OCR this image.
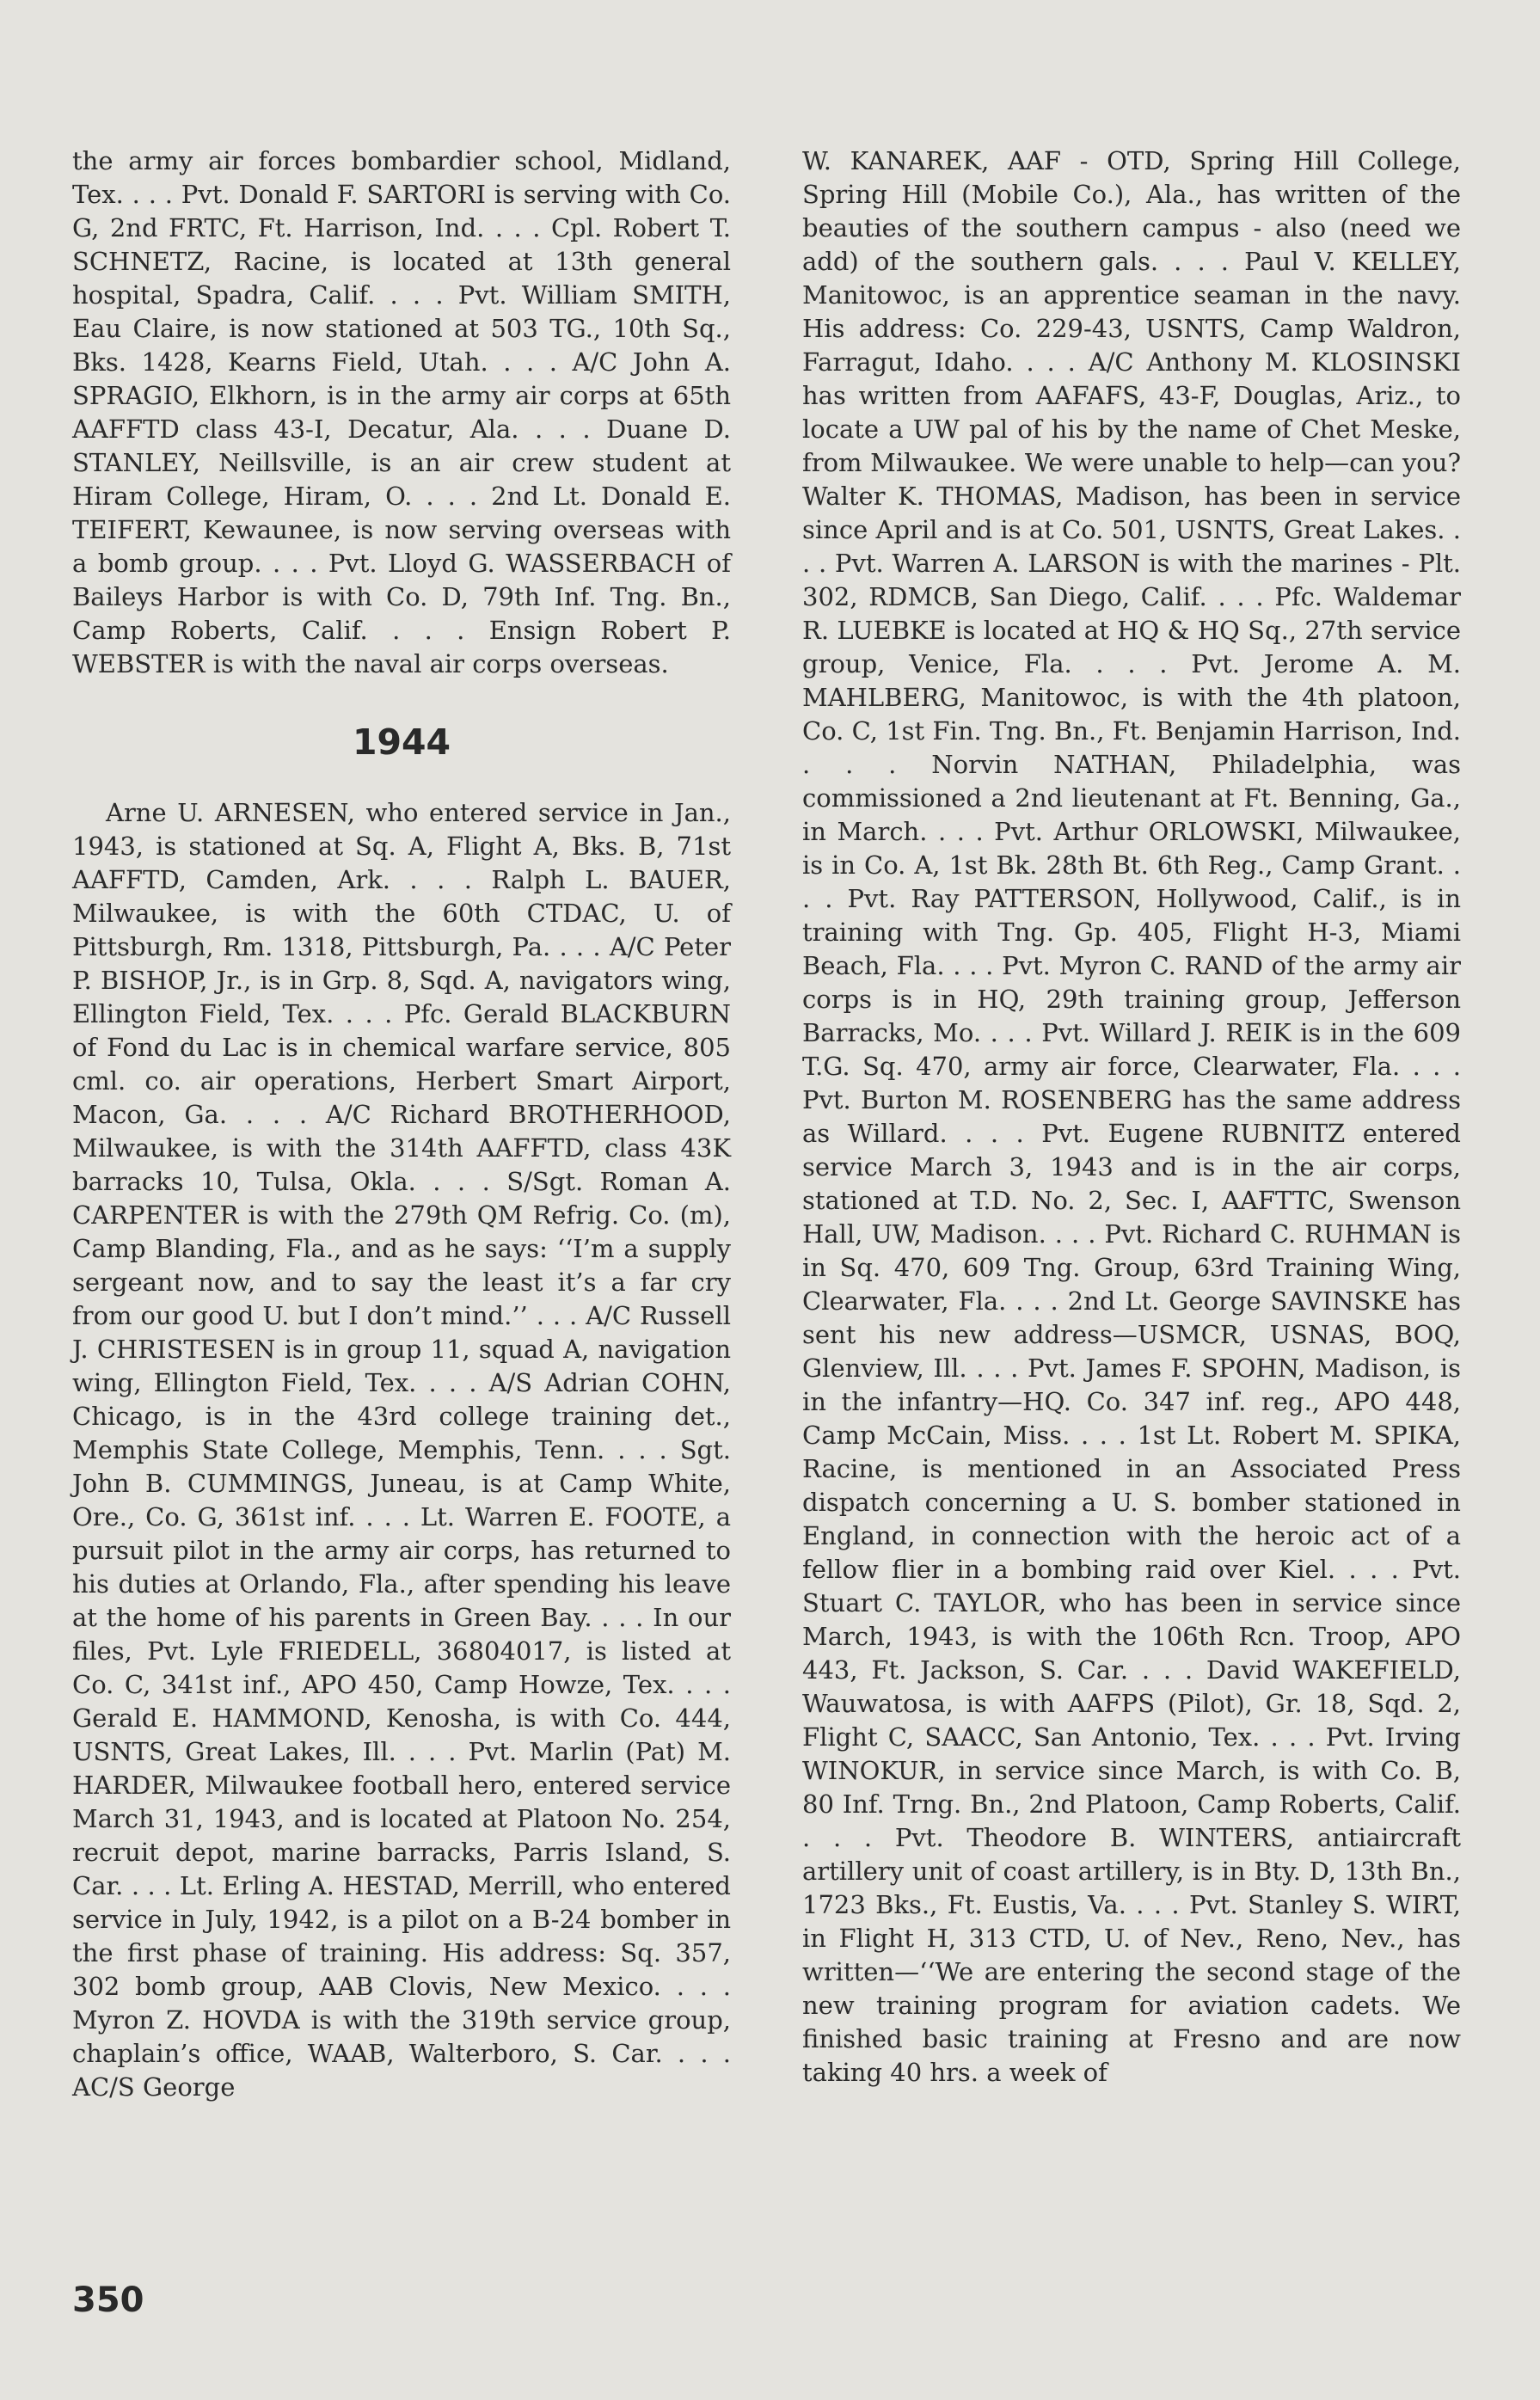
the army air forces bombardier school, Midland, Tex. . . . Pvt. Donald F. SARTORI is serving with Co. G, 2nd FRTC, Ft. Harrison, Ind. . . . Cpl. Robert T. SCHNETZ, Racine, is located at 13th general hospital, Spadra, Calif. . . . Pvt. William SMITH, Eau Claire, is now stationed at 503 TG., 10th Sq., Bks. 1428, Kearns Field, Utah. . . . A/C John A. SPRAGIO, Elkhorn, is in the army air corps at 65th AAFFTD class 43-I, Decatur, Ala. . . . Duane D. STANLEY, Neillsville, is an air crew student at Hiram College, Hiram, O. . . . 2nd Lt. Donald E. TEIFERT, Kewaunee, is now serving overseas with a bomb group. . . . Pvt. Lloyd G. WASSERBACH of Baileys Harbor is with Co. D, 79th Inf. Tng. Bn., Camp Roberts, Calif. . . . Ensign Robert P. WEBSTER is with the naval air corps overseas.

1944

Arne U. ARNESEN, who entered service in Jan., 1943, is stationed at Sq. A, Flight A, Bks. B, 71st AAFFTD, Camden, Ark. . . . Ralph L. BAUER, Milwaukee, is with the 60th CTDAC, U. of Pittsburgh, Rm. 1318, Pittsburgh, Pa. . . . A/C Peter P. BISHOP, Jr., is in Grp. 8, Sqd. A, navigators wing, Ellington Field, Tex. . . . Pfc. Gerald BLACKBURN of Fond du Lac is in chemical warfare service, 805 cml. co. air operations, Herbert Smart Airport, Macon, Ga. . . . A/C Richard BROTHERHOOD, Milwaukee, is with the 314th AAFFTD, class 43K barracks 10, Tulsa, Okla. . . . S/Sgt. Roman A. CARPENTER is with the 279th QM Refrig. Co. (m), Camp Blanding, Fla., and as he says: ‘‘I’m a supply sergeant now, and to say the least it’s a far cry from our good U. but I don’t mind.’’ . . . A/C Russell J. CHRISTESEN is in group 11, squad A, navigation wing, Ellington Field, Tex. . . . A/S Adrian COHN, Chicago, is in the 43rd college training det., Memphis State College, Memphis, Tenn. . . . Sgt. John B. CUMMINGS, Juneau, is at Camp White, Ore., Co. G, 361st inf. . . . Lt. Warren E. FOOTE, a pursuit pilot in the army air corps, has returned to his duties at Orlando, Fla., after spending his leave at the home of his parents in Green Bay. . . . In our files, Pvt. Lyle FRIEDELL, 36804017, is listed at Co. C, 341st inf., APO 450, Camp Howze, Tex. . . . Gerald E. HAMMOND, Kenosha, is with Co. 444, USNTS, Great Lakes, Ill. . . . Pvt. Marlin (Pat) M. HARDER, Milwaukee football hero, entered service March 31, 1943, and is located at Platoon No. 254, recruit depot, marine barracks, Parris Island, S. Car. . . . Lt. Erling A. HESTAD, Merrill, who entered service in July, 1942, is a pilot on a B-24 bomber in the first phase of training. His address: Sq. 357, 302 bomb group, AAB Clovis, New Mexico. . . . Myron Z. HOVDA is with the 319th service group, chaplain’s office, WAAB, Walterboro, S. Car. . . . AC/S George

W. KANAREK, AAF - OTD, Spring Hill College, Spring Hill (Mobile Co.), Ala., has written of the beauties of the southern campus - also (need we add) of the southern gals. . . . Paul V. KELLEY, Manitowoc, is an apprentice seaman in the navy. His address: Co. 229-43, USNTS, Camp Waldron, Farragut, Idaho. . . . A/C Anthony M. KLOSINSKI has written from AAFAFS, 43-F, Douglas, Ariz., to locate a UW pal of his by the name of Chet Meske, from Milwaukee. We were unable to help—can you? Walter K. THOMAS, Madison, has been in service since April and is at Co. 501, USNTS, Great Lakes. . . . Pvt. Warren A. LARSON is with the marines - Plt. 302, RDMCB, San Diego, Calif. . . . Pfc. Waldemar R. LUEBKE is located at HQ & HQ Sq., 27th service group, Venice, Fla. . . . Pvt. Jerome A. M. MAHLBERG, Manitowoc, is with the 4th platoon, Co. C, 1st Fin. Tng. Bn., Ft. Benjamin Harrison, Ind. . . . Norvin NATHAN, Philadelphia, was commissioned a 2nd lieutenant at Ft. Benning, Ga., in March. . . . Pvt. Arthur ORLOWSKI, Milwaukee, is in Co. A, 1st Bk. 28th Bt. 6th Reg., Camp Grant. . . . Pvt. Ray PATTERSON, Hollywood, Calif., is in training with Tng. Gp. 405, Flight H-3, Miami Beach, Fla. . . . Pvt. Myron C. RAND of the army air corps is in HQ, 29th training group, Jefferson Barracks, Mo. . . . Pvt. Willard J. REIK is in the 609 T.G. Sq. 470, army air force, Clearwater, Fla. . . . Pvt. Burton M. ROSENBERG has the same address as Willard. . . . Pvt. Eugene RUBNITZ entered service March 3, 1943 and is in the air corps, stationed at T.D. No. 2, Sec. I, AAFTTC, Swenson Hall, UW, Madison. . . . Pvt. Richard C. RUHMAN is in Sq. 470, 609 Tng. Group, 63rd Training Wing, Clearwater, Fla. . . . 2nd Lt. George SAVINSKE has sent his new address—USMCR, USNAS, BOQ, Glenview, Ill. . . . Pvt. James F. SPOHN, Madison, is in the infantry—HQ. Co. 347 inf. reg., APO 448, Camp McCain, Miss. . . . 1st Lt. Robert M. SPIKA, Racine, is mentioned in an Associated Press dispatch concerning a U. S. bomber stationed in England, in connection with the heroic act of a fellow flier in a bombing raid over Kiel. . . . Pvt. Stuart C. TAYLOR, who has been in service since March, 1943, is with the 106th Rcn. Troop, APO 443, Ft. Jackson, S. Car. . . . David WAKEFIELD, Wauwatosa, is with AAFPS (Pilot), Gr. 18, Sqd. 2, Flight C, SAACC, San Antonio, Tex. . . . Pvt. Irving WINOKUR, in service since March, is with Co. B, 80 Inf. Trng. Bn., 2nd Platoon, Camp Roberts, Calif. . . . Pvt. Theodore B. WINTERS, antiaircraft artillery unit of coast artillery, is in Bty. D, 13th Bn., 1723 Bks., Ft. Eustis, Va. . . . Pvt. Stanley S. WIRT, in Flight H, 313 CTD, U. of Nev., Reno, Nev., has written—‘‘We are entering the second stage of the new training program for aviation cadets. We finished basic training at Fresno and are now taking 40 hrs. a week of

350
